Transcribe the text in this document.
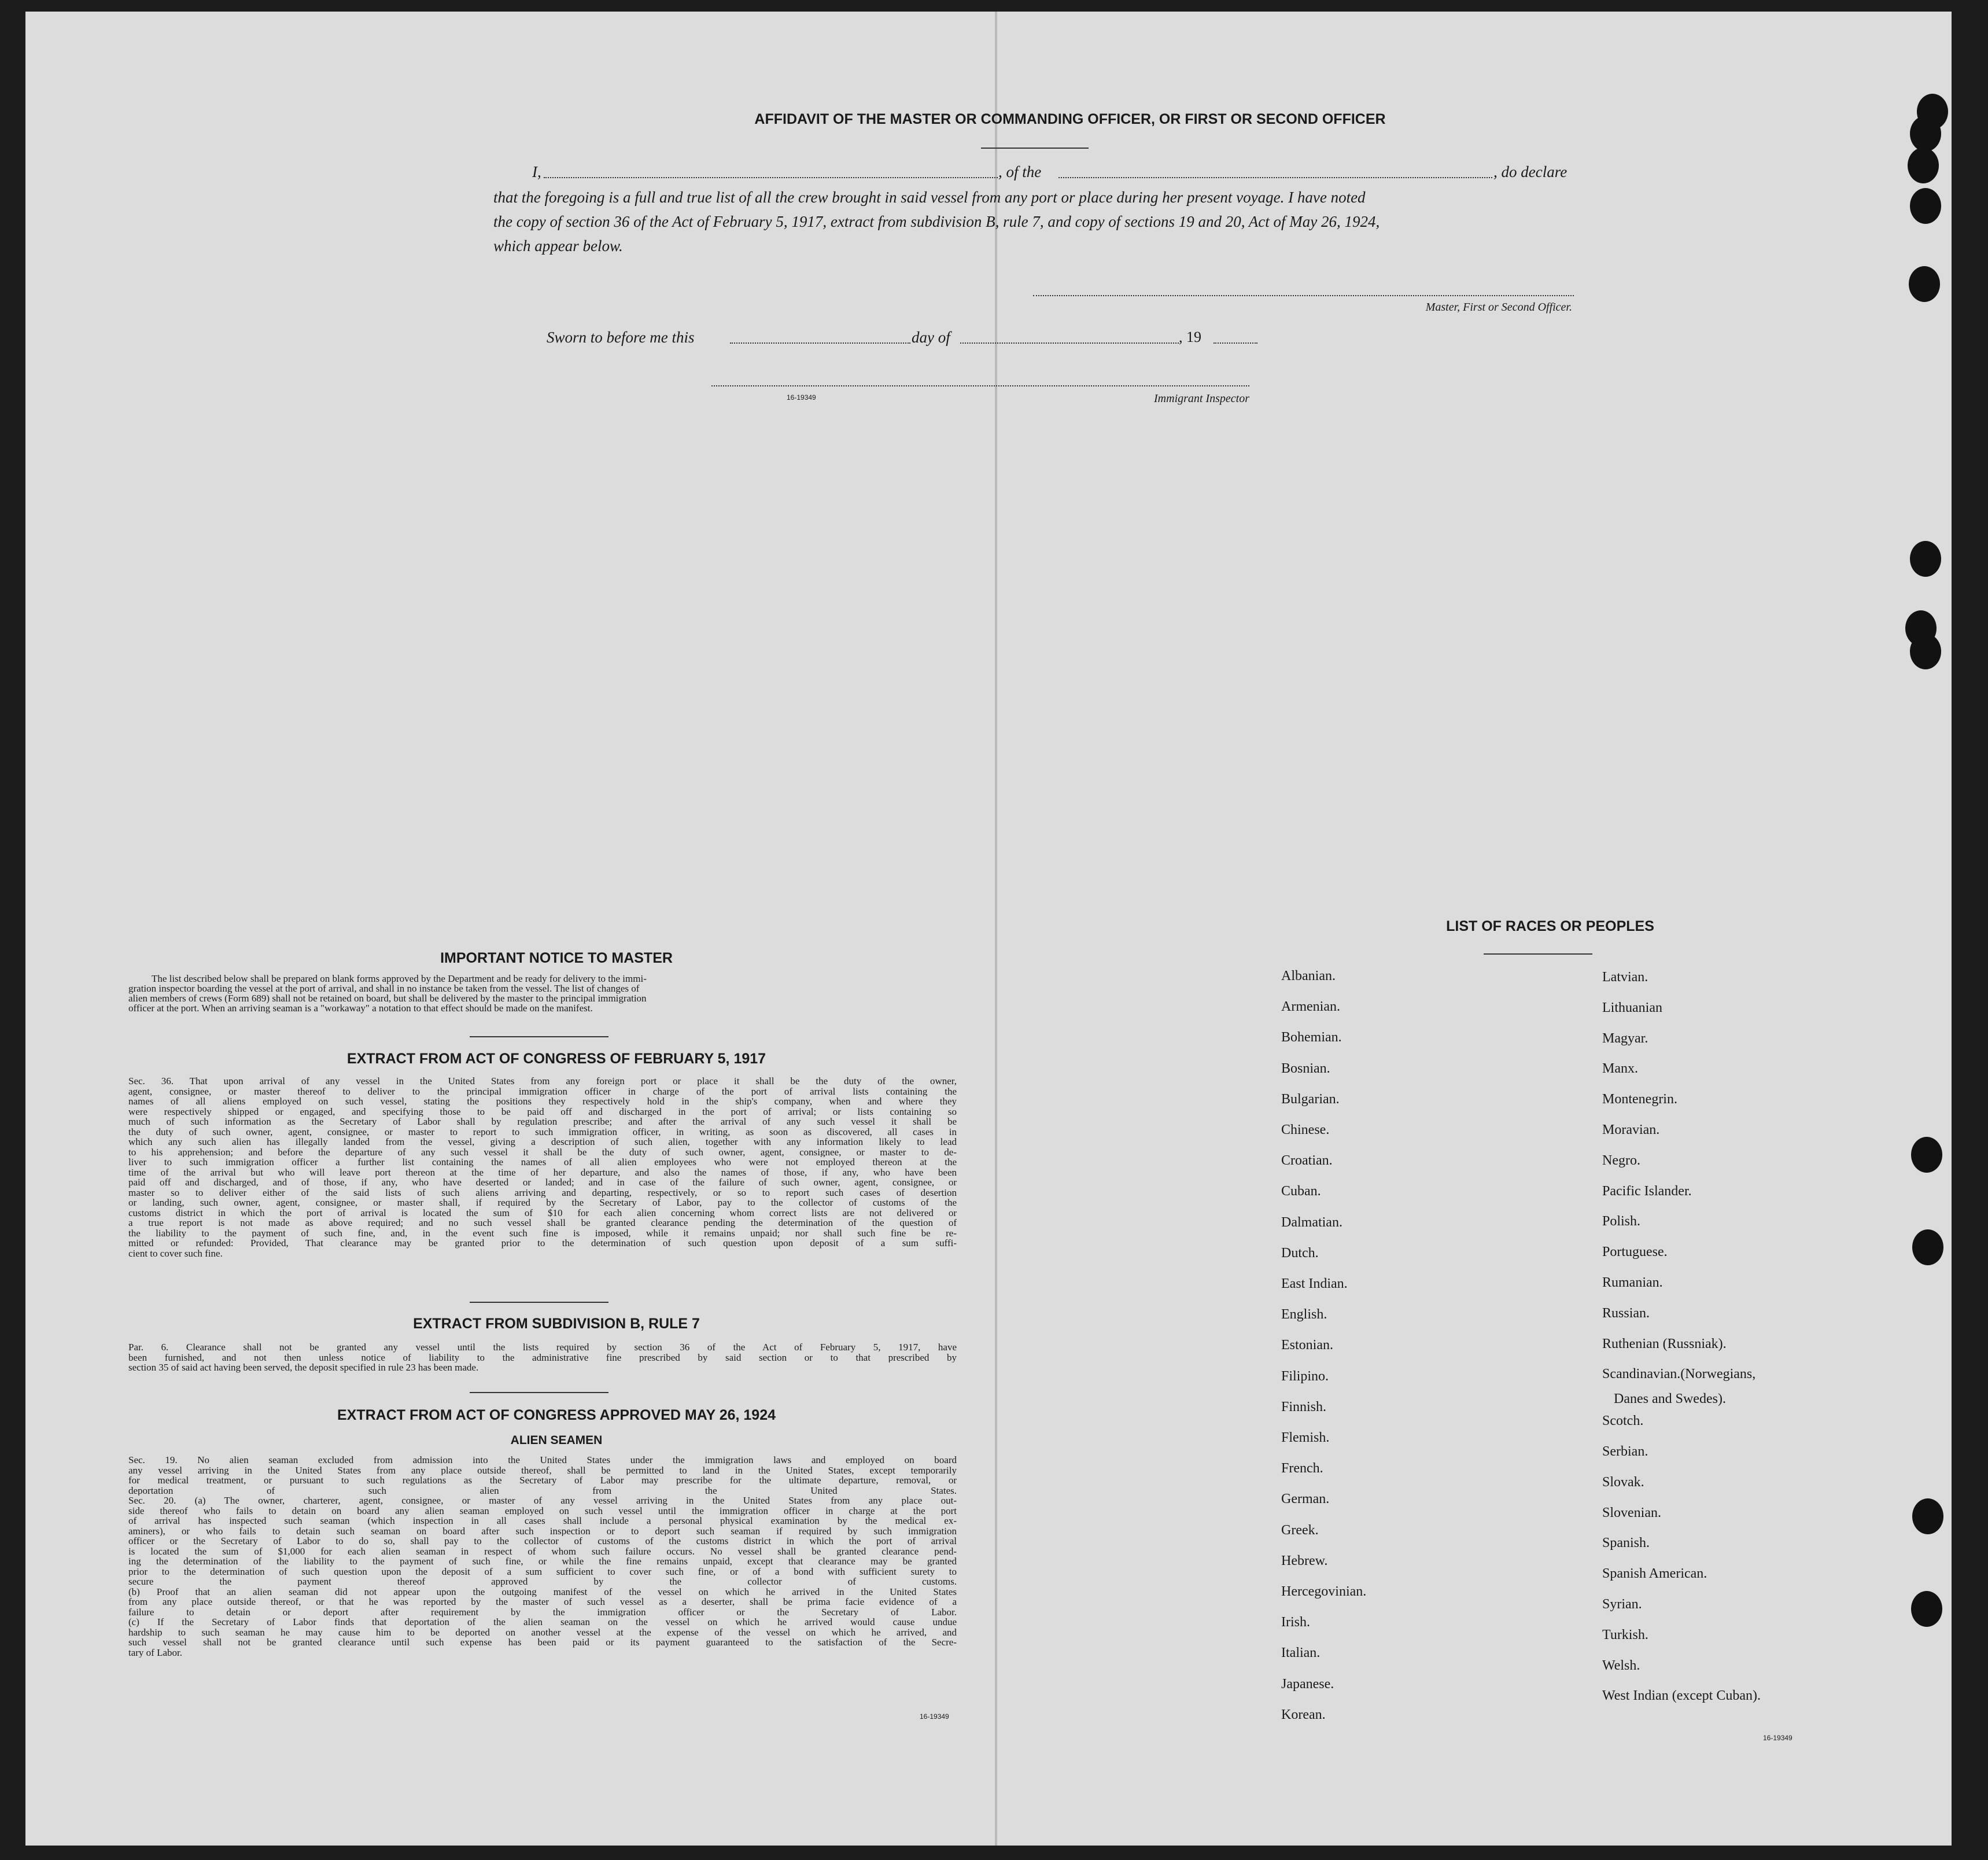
AFFIDAVIT OF THE MASTER OR COMMANDING OFFICER, OR FIRST OR SECOND OFFICER
I,	, of the	, do declare
that the foregoing is a full and true list of all the crew brought in said vessel from any port or place during her present voyage. I have noted
the copy of section 36 of the Act of February 5, 1917, extract from subdivision B, rule 7, and copy of sections 19 and 20, Act of May 26, 1924,
which appear below.
Master, First or Second Officer.
Sworn to before me this	day of	, 19
16-19349	Immigrant Inspector
IMPORTANT NOTICE TO MASTER
The list described below shall be prepared on blank forms approved by the Department and be ready for delivery to the immi-
gration inspector boarding the vessel at the port of arrival, and shall in no instance be taken from the vessel. The list of changes of
alien members of crews (Form 689) shall not be retained on board, but shall be delivered by the master to the principal immigration
officer at the port. When an arriving seaman is a "workaway" a notation to that effect should be made on the manifest.
EXTRACT FROM ACT OF CONGRESS OF FEBRUARY 5, 1917
Sec. 36. That upon arrival of any vessel in the United States from any foreign port or place it shall be the duty of the owner,
agent, consignee, or master thereof to deliver to the principal immigration officer in charge of the port of arrival lists containing the
names of all aliens employed on such vessel, stating the positions they respectively hold in the ship's company, when and where they
were respectively shipped or engaged, and specifying those to be paid off and discharged in the port of arrival; or lists containing so
much of such information as the Secretary of Labor shall by regulation prescribe; and after the arrival of any such vessel it shall be
the duty of such owner, agent, consignee, or master to report to such immigration officer, in writing, as soon as discovered, all cases in
which any such alien has illegally landed from the vessel, giving a description of such alien, together with any information likely to lead
to his apprehension; and before the departure of any such vessel it shall be the duty of such owner, agent, consignee, or master to de-
liver to such immigration officer a further list containing the names of all alien employees who were not employed thereon at the
time of the arrival but who will leave port thereon at the time of her departure, and also the names of those, if any, who have been
paid off and discharged, and of those, if any, who have deserted or landed; and in case of the failure of such owner, agent, consignee, or
master so to deliver either of the said lists of such aliens arriving and departing, respectively, or so to report such cases of desertion
or landing, such owner, agent, consignee, or master shall, if required by the Secretary of Labor, pay to the collector of customs of the
customs district in which the port of arrival is located the sum of $10 for each alien concerning whom correct lists are not delivered or
a true report is not made as above required; and no such vessel shall be granted clearance pending the determination of the question of
the liability to the payment of such fine, and, in the event such fine is imposed, while it remains unpaid; nor shall such fine be re-
mitted or refunded: Provided, That clearance may be granted prior to the determination of such question upon deposit of a sum suffi-
cient to cover such fine.
EXTRACT FROM SUBDIVISION B, RULE 7
Par. 6. Clearance shall not be granted any vessel until the lists required by section 36 of the Act of February 5, 1917, have
been furnished, and not then unless notice of liability to the administrative fine prescribed by said section or to that prescribed by
section 35 of said act having been served, the deposit specified in rule 23 has been made.
EXTRACT FROM ACT OF CONGRESS APPROVED MAY 26, 1924
ALIEN SEAMEN
Sec. 19. No alien seaman excluded from admission into the United States under the immigration laws and employed on board
any vessel arriving in the United States from any place outside thereof, shall be permitted to land in the United States, except temporarily
for medical treatment, or pursuant to such regulations as the Secretary of Labor may prescribe for the ultimate departure, removal, or
deportation of such alien from the United States.
Sec. 20. (a) The owner, charterer, agent, consignee, or master of any vessel arriving in the United States from any place out-
side thereof who fails to detain on board any alien seaman employed on such vessel until the immigration officer in charge at the port
of arrival has inspected such seaman (which inspection in all cases shall include a personal physical examination by the medical ex-
aminers), or who fails to detain such seaman on board after such inspection or to deport such seaman if required by such immigration
officer or the Secretary of Labor to do so, shall pay to the collector of customs of the customs district in which the port of arrival
is located the sum of $1,000 for each alien seaman in respect of whom such failure occurs. No vessel shall be granted clearance pend-
ing the determination of the liability to the payment of such fine, or while the fine remains unpaid, except that clearance may be granted
prior to the determination of such question upon the deposit of a sum sufficient to cover such fine, or of a bond with sufficient surety to
secure the payment thereof approved by the collector of customs.
(b) Proof that an alien seaman did not appear upon the outgoing manifest of the vessel on which he arrived in the United States
from any place outside thereof, or that he was reported by the master of such vessel as a deserter, shall be prima facie evidence of a
failure to detain or deport after requirement by the immigration officer or the Secretary of Labor.
(c) If the Secretary of Labor finds that deportation of the alien seaman on the vessel on which he arrived would cause undue
hardship to such seaman he may cause him to be deported on another vessel at the expense of the vessel on which he arrived, and
such vessel shall not be granted clearance until such expense has been paid or its payment guaranteed to the satisfaction of the Secre-
tary of Labor.
16-19349
LIST OF RACES OR PEOPLES
Albanian.
Armenian.
Bohemian.
Bosnian.
Bulgarian.
Chinese.
Croatian.
Cuban.
Dalmatian.
Dutch.
East Indian.
English.
Estonian.
Filipino.
Finnish.
Flemish.
French.
German.
Greek.
Hebrew.
Hercegovinian.
Irish.
Italian.
Japanese.
Korean.
Latvian.
Lithuanian
Magyar.
Manx.
Montenegrin.
Moravian.
Negro.
Pacific Islander.
Polish.
Portuguese.
Rumanian.
Russian.
Ruthenian (Russniak).
Scandinavian.(Norwegians,
Scotch.
Serbian.
Slovak.
Slovenian.
Spanish.
Spanish American.
Syrian.
Turkish.
Welsh.
West Indian (except Cuban).
Danes and Swedes).
16-19349
